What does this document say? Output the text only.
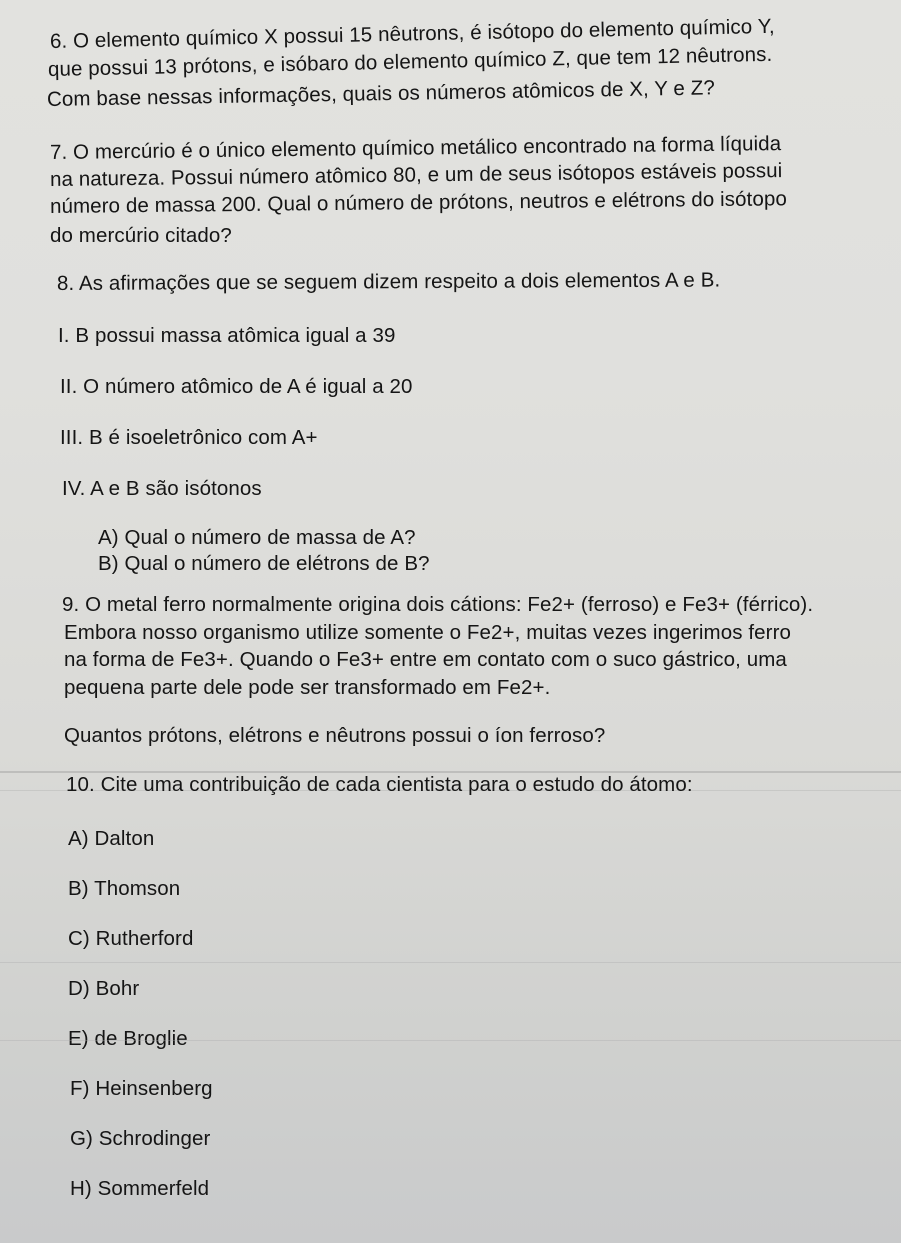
6. O elemento químico X possui 15 nêutrons, é isótopo do elemento químico Y,
que possui 13 prótons, e isóbaro do elemento químico Z, que tem 12 nêutrons.
Com base nessas informações, quais os números atômicos de X, Y e Z?
7. O mercúrio é o único elemento químico metálico encontrado na forma líquida
na natureza. Possui número atômico 80, e um de seus isótopos estáveis possui
número de massa 200. Qual o número de prótons, neutros e elétrons do isótopo
do mercúrio citado?
8. As afirmações que se seguem dizem respeito a dois elementos A e B.
I. B possui massa atômica igual a 39
II. O número atômico de A é igual a 20
III. B é isoeletrônico com A+
IV. A e B são isótonos
A) Qual o número de massa de A?
B) Qual o número de elétrons de B?
9. O metal ferro normalmente origina dois cátions: Fe2+ (ferroso) e Fe3+ (férrico).
Embora nosso organismo utilize somente o Fe2+, muitas vezes ingerimos ferro
na forma de Fe3+. Quando o Fe3+ entre em contato com o suco gástrico, uma
pequena parte dele pode ser transformado em Fe2+.
Quantos prótons, elétrons e nêutrons possui o íon ferroso?
10. Cite uma contribuição de cada cientista para o estudo do átomo:
A) Dalton
B) Thomson
C) Rutherford
D) Bohr
E) de Broglie
F) Heinsenberg
G) Schrodinger
H) Sommerfeld
